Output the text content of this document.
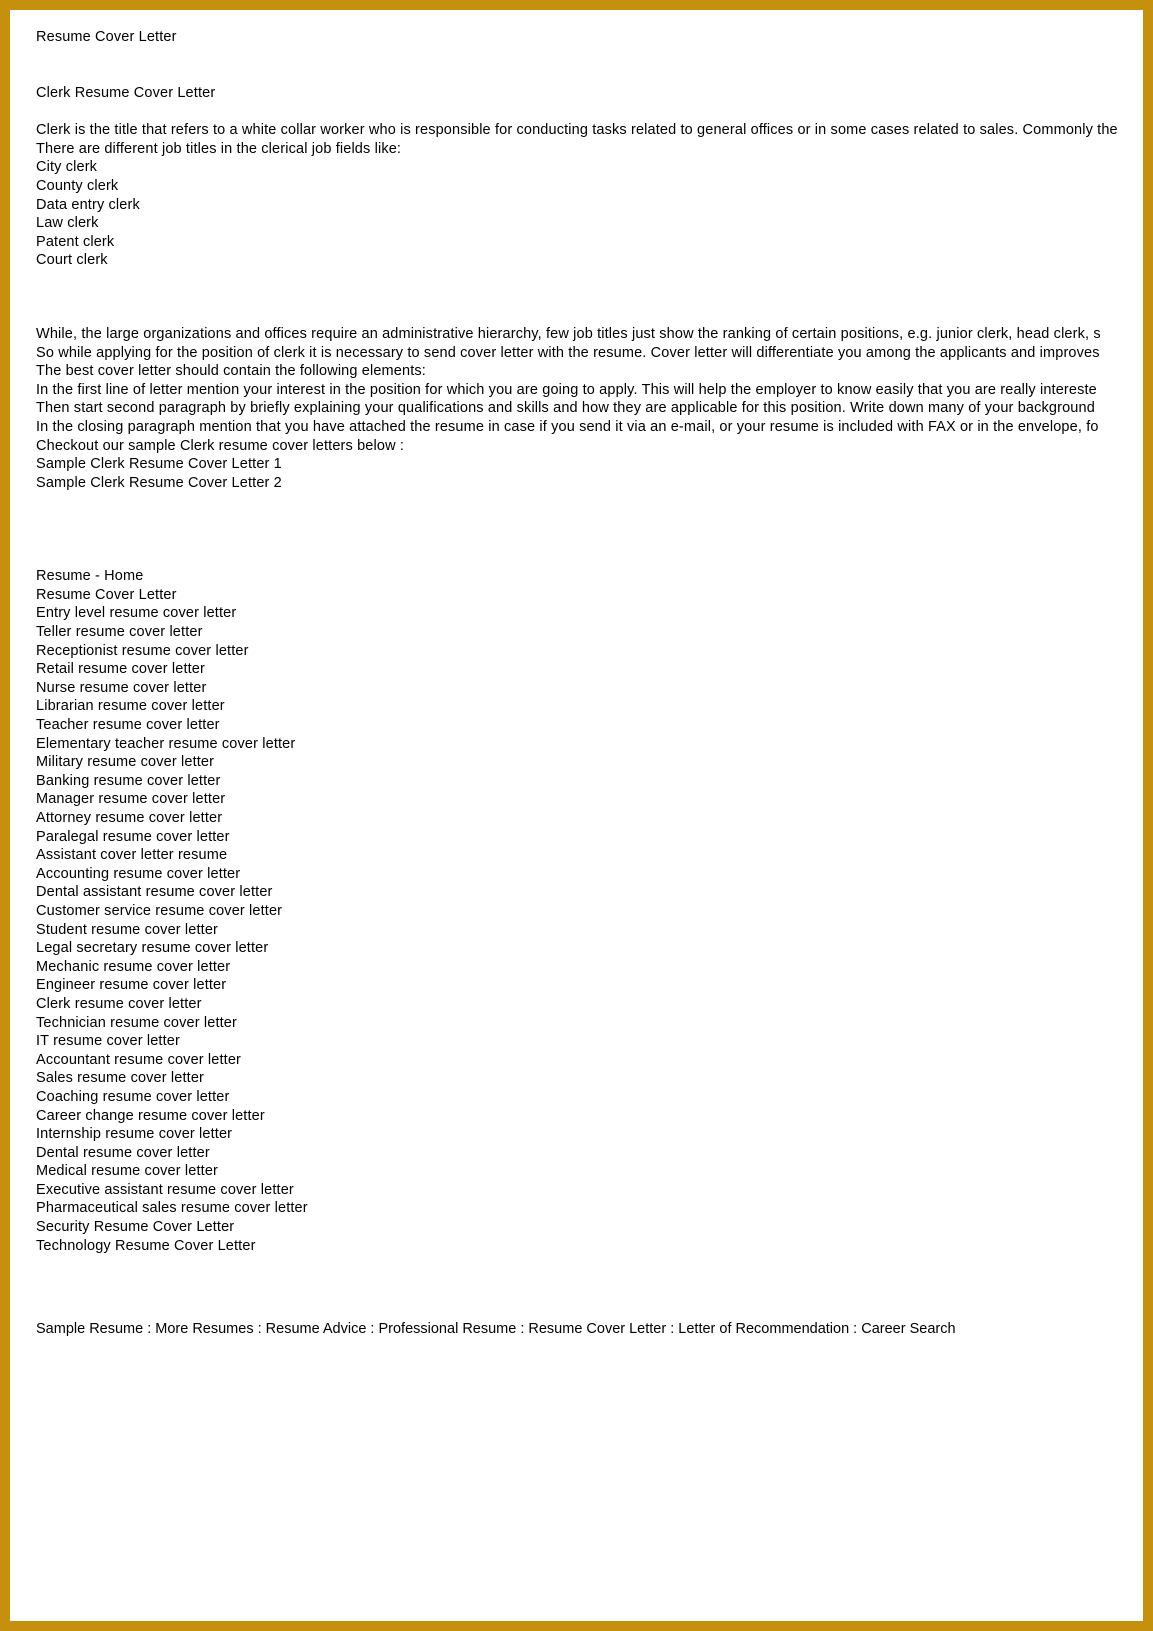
Resume Cover Letter
Clerk Resume Cover Letter
Clerk is the title that refers to a white collar worker who is responsible for conducting tasks related to general offices or in some cases related to sales. Commonly the
There are different job titles in the clerical job fields like:
City clerk
County clerk
Data entry clerk
Law clerk
Patent clerk
Court clerk
While, the large organizations and offices require an administrative hierarchy, few job titles just show the ranking of certain positions, e.g. junior clerk, head clerk, s
So while applying for the position of clerk it is necessary to send cover letter with the resume. Cover letter will differentiate you among the applicants and improves
The best cover letter should contain the following elements:
In the first line of letter mention your interest in the position for which you are going to apply. This will help the employer to know easily that you are really intereste
Then start second paragraph by briefly explaining your qualifications and skills and how they are applicable for this position. Write down many of your background
In the closing paragraph mention that you have attached the resume in case if you send it via an e-mail, or your resume is included with FAX or in the envelope, fo
Checkout our sample Clerk resume cover letters below :
Sample Clerk Resume Cover Letter 1
Sample Clerk Resume Cover Letter 2
Resume - Home
Resume Cover Letter
Entry level resume cover letter
Teller resume cover letter
Receptionist resume cover letter
Retail resume cover letter
Nurse resume cover letter
Librarian resume cover letter
Teacher resume cover letter
Elementary teacher resume cover letter
Military resume cover letter
Banking resume cover letter
Manager resume cover letter
Attorney resume cover letter
Paralegal resume cover letter
Assistant cover letter resume
Accounting resume cover letter
Dental assistant resume cover letter
Customer service resume cover letter
Student resume cover letter
Legal secretary resume cover letter
Mechanic resume cover letter
Engineer resume cover letter
Clerk resume cover letter
Technician resume cover letter
IT resume cover letter
Accountant resume cover letter
Sales resume cover letter
Coaching resume cover letter
Career change resume cover letter
Internship resume cover letter
Dental resume cover letter
Medical resume cover letter
Executive assistant resume cover letter
Pharmaceutical sales resume cover letter
Security Resume Cover Letter
Technology Resume Cover Letter
Sample Resume : More Resumes : Resume Advice : Professional Resume : Resume Cover Letter : Letter of Recommendation : Career Search
